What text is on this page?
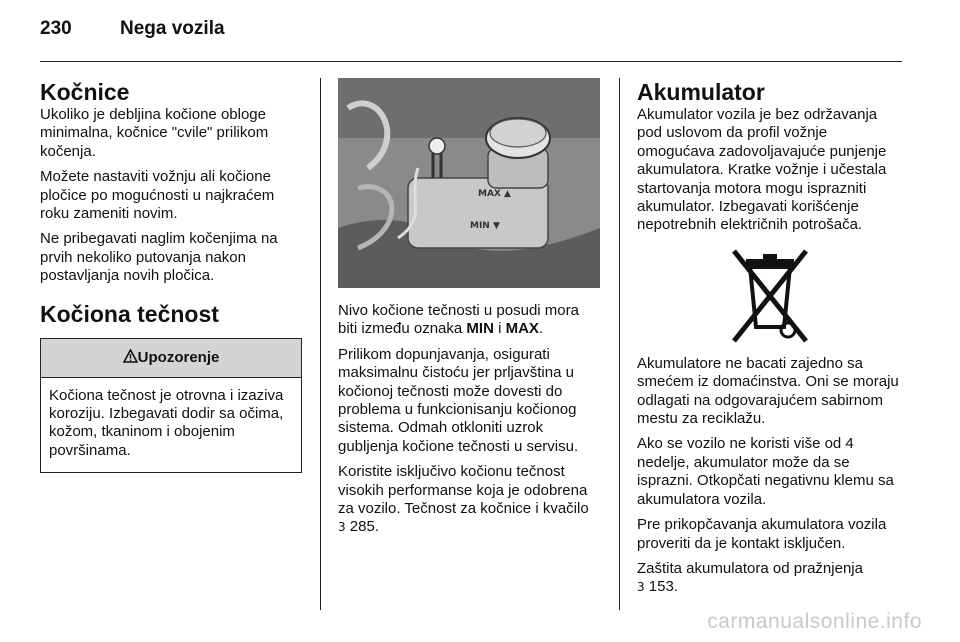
230	Nega vozila
Kočnice

Ukoliko je debljina kočione obloge minimalna, kočnice "cvile" prilikom kočenja.

Možete nastaviti vožnju ali kočione pločice po mogućnosti u najkraćem roku zameniti novim.

Ne pribegavati naglim kočenjima na prvih nekoliko putovanja nakon postavljanja novih pločica.

Kočiona tečnost
Upozorenje
Kočiona tečnost je otrovna i izaziva koroziju. Izbegavati dodir sa očima, kožom, tkaninom i obojenim površinama.
MAX ▲
MIN ▼

Nivo kočione tečnosti u posudi mora biti između oznaka MIN i MAX.

Prilikom dopunjavanja, osigurati maksimalnu čistoću jer prljavština u kočionoj tečnosti može dovesti do problema u funkcionisanju kočionog sistema. Odmah otkloniti uzrok gubljenja kočione tečnosti u servisu.

Koristite isključivo kočionu tečnost visokih performanse koja je odobrena za vozilo. Tečnost za kočnice i kvačilo
3 285.

Akumulator

Akumulator vozila je bez održavanja pod uslovom da profil vožnje omogućava zadovoljavajuće punjenje akumulatora. Kratke vožnje i učestala startovanja motora mogu isprazniti akumulator. Izbegavati korišćenje nepotrebnih električnih potrošača.

Akumulatore ne bacati zajedno sa smećem iz domaćinstva. Oni se moraju odlagati na odgovarajućem sabirnom mestu za reciklažu.

Ako se vozilo ne koristi više od 4 nedelje, akumulator može da se isprazni. Otkopčati negativnu klemu sa akumulatora vozila.

Pre prikopčavanja akumulatora vozila proveriti da je kontakt isključen.

Zaštita akumulatora od pražnjenja
3 153.

carmanualsonline.info
